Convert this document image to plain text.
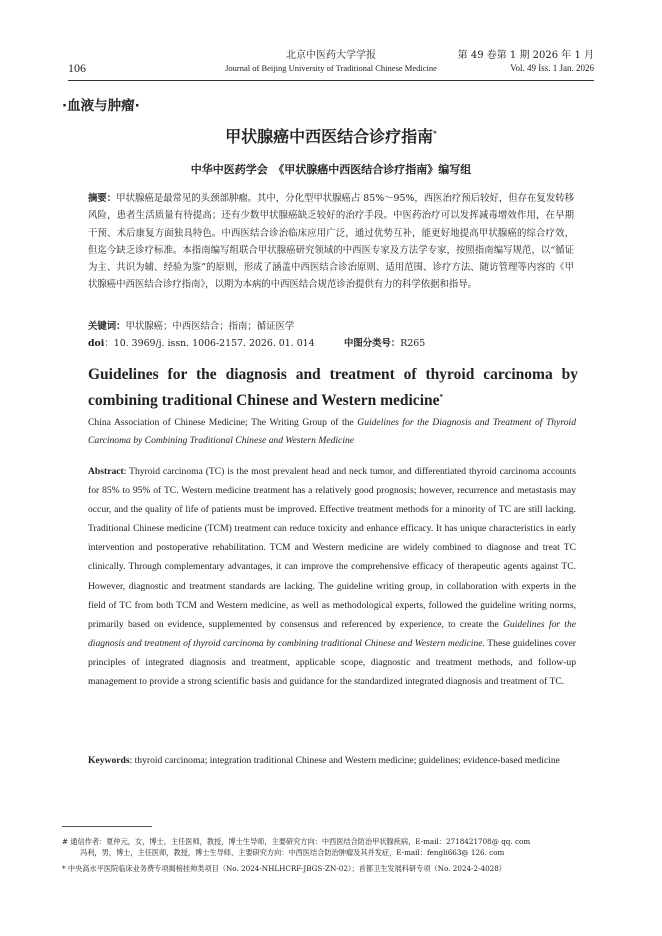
北京中医药大学学报
Journal of Beijing University of Traditional Chinese Medicine
106
第 49 卷第 1 期 2026 年 1 月
Vol. 49 Iss. 1 Jan. 2026
·血液与肿瘤·
甲状腺癌中西医结合诊疗指南*
中华中医药学会　《甲状腺癌中西医结合诊疗指南》编写组
摘要：甲状腺癌是最常见的头颈部肿瘤。其中，分化型甲状腺癌占 85%～95%，西医治疗预后较好，但存在复发转移风险，患者生活质量有待提高；还有少数甲状腺癌缺乏较好的治疗手段。中医药治疗可以发挥减毒增效作用，在早期干预、术后康复方面独具特色。中西医结合诊治临床应用广泛，通过优势互补，能更好地提高甲状腺癌的综合疗效，但迄今缺乏诊疗标准。本指南编写组联合甲状腺癌研究领域的中西医专家及方法学专家，按照指南编写规范，以“循证为主、共识为辅、经验为鉴”的原则，形成了涵盖中西医结合诊治原则、适用范围、诊疗方法、随访管理等内容的《甲状腺癌中西医结合诊疗指南》，以期为本病的中西医结合规范诊治提供有力的科学依据和指导。
关键词：甲状腺癌；中西医结合；指南；循证医学
doi：10. 3969/j. issn. 1006-2157. 2026. 01. 014	中图分类号：R265
Guidelines for the diagnosis and treatment of thyroid carcinoma by combining traditional Chinese and Western medicine*
China Association of Chinese Medicine; The Writing Group of the Guidelines for the Diagnosis and Treatment of Thyroid Carcinoma by Combining Traditional Chinese and Western Medicine
Abstract: Thyroid carcinoma (TC) is the most prevalent head and neck tumor, and differentiated thyroid carcinoma accounts for 85% to 95% of TC. Western medicine treatment has a relatively good prognosis; however, recurrence and metastasis may occur, and the quality of life of patients must be improved. Effective treatment methods for a minority of TC are still lacking. Traditional Chinese medicine (TCM) treatment can reduce toxicity and enhance efficacy. It has unique characteristics in early intervention and postoperative rehabilitation. TCM and Western medicine are widely combined to diagnose and treat TC clinically. Through complementary advantages, it can improve the comprehensive efficacy of therapeutic agents against TC. However, diagnostic and treatment standards are lacking. The guideline writing group, in collaboration with experts in the field of TC from both TCM and Western medicine, as well as methodological experts, followed the guideline writing norms, primarily based on evidence, supplemented by consensus and referenced by experience, to create the Guidelines for the diagnosis and treatment of thyroid carcinoma by combining traditional Chinese and Western medicine. These guidelines cover principles of integrated diagnosis and treatment, applicable scope, diagnostic and treatment methods, and follow-up management to provide a strong scientific basis and guidance for the standardized integrated diagnosis and treatment of TC.
Keywords: thyroid carcinoma; integration traditional Chinese and Western medicine; guidelines; evidence-based medicine
# 通信作者：夏仲元，女，博士，主任医师，教授，博士生导师，主要研究方向：中西医结合防治甲状腺疾病，E-mail：2718421708@ qq. com
冯利，男，博士，主任医师，教授，博士生导师，主要研究方向：中西医结合防治肿瘤及其并发症，E-mail：fengli663@ 126. com
* 中央高水平医院临床业务费专项揭榜挂帅类项目（No. 2024-NHLHCRF-JBGS-ZN-02）；首都卫生发展科研专项（No. 2024-2-4028）
